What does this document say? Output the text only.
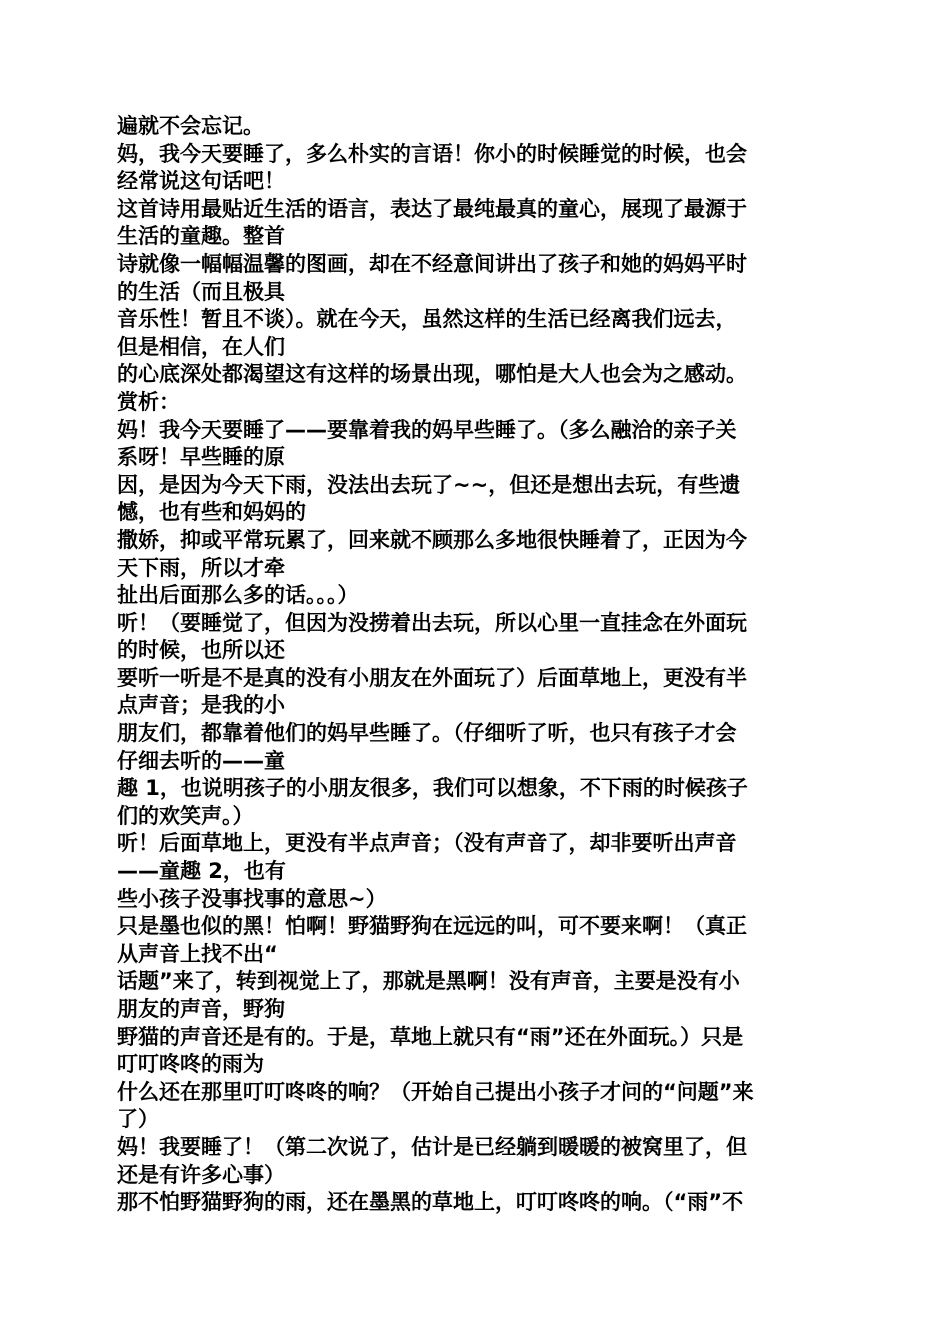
遍就不会忘记。
妈，我今天要睡了，多么朴实的言语！你小的时候睡觉的时候，也会
经常说这句话吧！
这首诗用最贴近生活的语言，表达了最纯最真的童心，展现了最源于
生活的童趣。整首
诗就像一幅幅温馨的图画，却在不经意间讲出了孩子和她的妈妈平时
的生活（而且极具
音乐性！暂且不谈）。就在今天，虽然这样的生活已经离我们远去，
但是相信，在人们
的心底深处都渴望这有这样的场景出现，哪怕是大人也会为之感动。
赏析：
妈！我今天要睡了——要靠着我的妈早些睡了。（多么融洽的亲子关
系呀！早些睡的原
因，是因为今天下雨，没法出去玩了~~，但还是想出去玩，有些遗
憾，也有些和妈妈的
撒娇，抑或平常玩累了，回来就不顾那么多地很快睡着了，正因为今
天下雨，所以才牵
扯出后面那么多的话。。。）
听！（要睡觉了，但因为没捞着出去玩，所以心里一直挂念在外面玩
的时候，也所以还
要听一听是不是真的没有小朋友在外面玩了）后面草地上，更没有半
点声音；是我的小
朋友们，都靠着他们的妈早些睡了。（仔细听了听，也只有孩子才会
仔细去听的——童
趣 1，也说明孩子的小朋友很多，我们可以想象，不下雨的时候孩子
们的欢笑声。）
听！后面草地上，更没有半点声音；（没有声音了，却非要听出声音
——童趣 2，也有
些小孩子没事找事的意思~）
只是墨也似的黑！怕啊！野猫野狗在远远的叫，可不要来啊！（真正
从声音上找不出“
话题”来了，转到视觉上了，那就是黑啊！没有声音，主要是没有小
朋友的声音，野狗
野猫的声音还是有的。于是，草地上就只有“雨”还在外面玩。）只是
叮叮咚咚的雨为
什么还在那里叮叮咚咚的响？（开始自己提出小孩子才问的“问题”来
了）
妈！我要睡了！（第二次说了，估计是已经躺到暖暖的被窝里了，但
还是有许多心事）
那不怕野猫野狗的雨，还在墨黑的草地上，叮叮咚咚的响。（“雨”不
